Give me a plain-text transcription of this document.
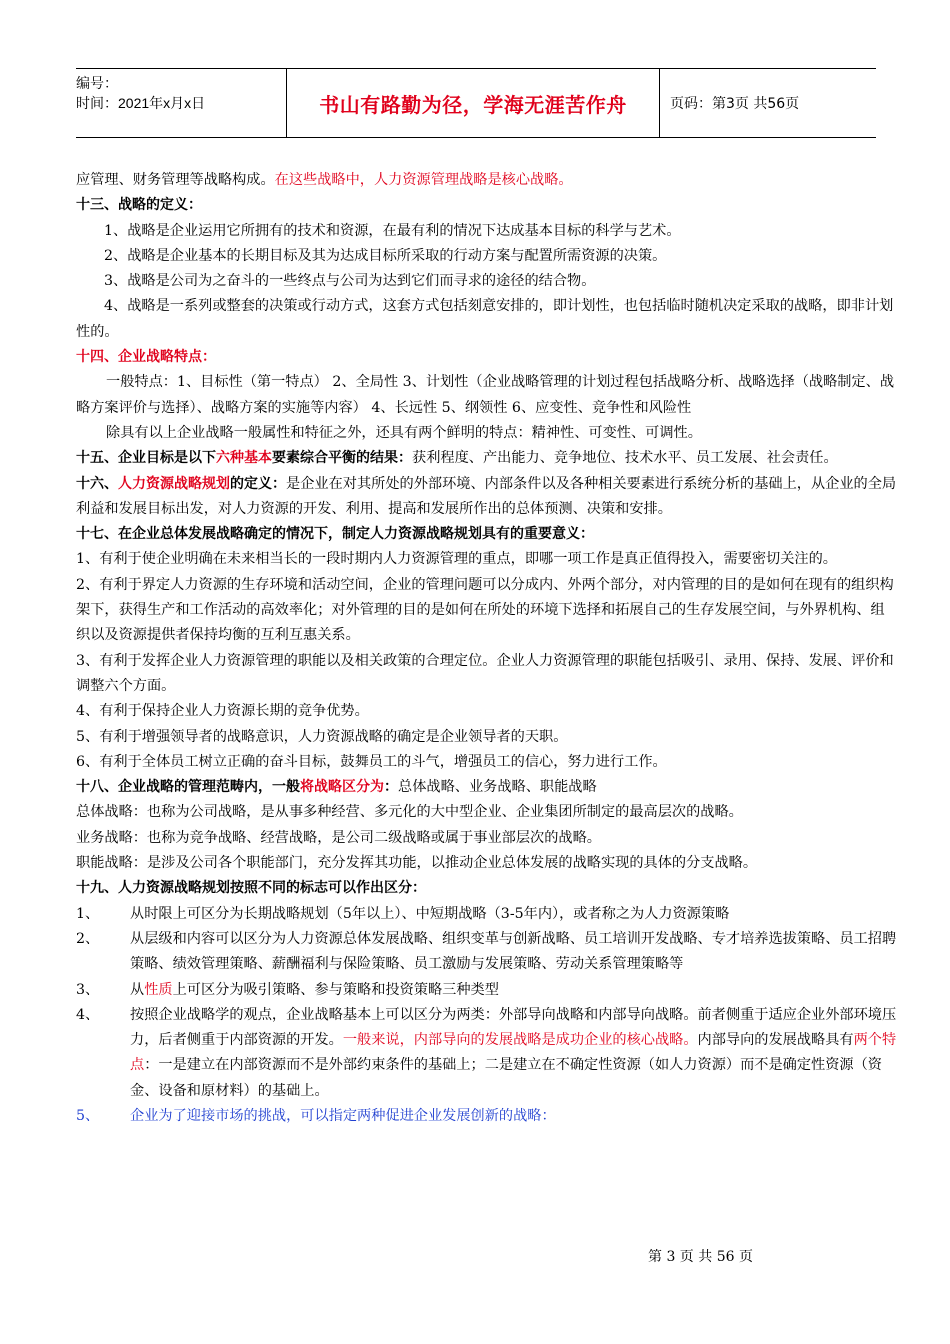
编号：
时间：2021年x月x日	书山有路勤为径，学海无涯苦作舟	页码：第3页 共56页

应管理、财务管理等战略构成。在这些战略中，人力资源管理战略是核心战略。

十三、战略的定义：

1、战略是企业运用它所拥有的技术和资源，在最有利的情况下达成基本目标的科学与艺术。

2、战略是企业基本的长期目标及其为达成目标所采取的行动方案与配置所需资源的决策。

3、战略是公司为之奋斗的一些终点与公司为达到它们而寻求的途径的结合物。

4、战略是一系列或整套的决策或行动方式，这套方式包括刻意安排的，即计划性，也包括临时随机决定采取的战略，即非计划性的。

十四、企业战略特点：

一般特点：1、目标性（第一特点） 2、全局性 3、计划性（企业战略管理的计划过程包括战略分析、战略选择（战略制定、战略方案评价与选择）、战略方案的实施等内容） 4、长远性 5、纲领性 6、应变性、竞争性和风险性

除具有以上企业战略一般属性和特征之外，还具有两个鲜明的特点：精神性、可变性、可调性。

十五、企业目标是以下六种基本要素综合平衡的结果：获利程度、产出能力、竞争地位、技术水平、员工发展、社会责任。

十六、人力资源战略规划的定义：是企业在对其所处的外部环境、内部条件以及各种相关要素进行系统分析的基础上，从企业的全局利益和发展目标出发，对人力资源的开发、利用、提高和发展所作出的总体预测、决策和安排。

十七、在企业总体发展战略确定的情况下，制定人力资源战略规划具有的重要意义：

1、有利于使企业明确在未来相当长的一段时期内人力资源管理的重点，即哪一项工作是真正值得投入，需要密切关注的。

2、有利于界定人力资源的生存环境和活动空间，企业的管理问题可以分成内、外两个部分，对内管理的目的是如何在现有的组织构架下，获得生产和工作活动的高效率化；对外管理的目的是如何在所处的环境下选择和拓展自己的生存发展空间，与外界机构、组织以及资源提供者保持均衡的互利互惠关系。

3、有利于发挥企业人力资源管理的职能以及相关政策的合理定位。企业人力资源管理的职能包括吸引、录用、保持、发展、评价和调整六个方面。

4、有利于保持企业人力资源长期的竞争优势。

5、有利于增强领导者的战略意识，人力资源战略的确定是企业领导者的天职。

6、有利于全体员工树立正确的奋斗目标，鼓舞员工的斗气，增强员工的信心，努力进行工作。

十八、企业战略的管理范畴内，一般将战略区分为：总体战略、业务战略、职能战略

总体战略：也称为公司战略，是从事多种经营、多元化的大中型企业、企业集团所制定的最高层次的战略。

业务战略：也称为竞争战略、经营战略，是公司二级战略或属于事业部层次的战略。

职能战略：是涉及公司各个职能部门，充分发挥其功能，以推动企业总体发展的战略实现的具体的分支战略。

十九、人力资源战略规划按照不同的标志可以作出区分：

1、	从时限上可区分为长期战略规划（5年以上）、中短期战略（3-5年内），或者称之为人力资源策略
2、	从层级和内容可以区分为人力资源总体发展战略、组织变革与创新战略、员工培训开发战略、专才培养选拔策略、员工招聘策略、绩效管理策略、薪酬福利与保险策略、员工激励与发展策略、劳动关系管理策略等
3、	从性质上可区分为吸引策略、参与策略和投资策略三种类型
4、	按照企业战略学的观点，企业战略基本上可以区分为两类：外部导向战略和内部导向战略。前者侧重于适应企业外部环境压力，后者侧重于内部资源的开发。一般来说，内部导向的发展战略是成功企业的核心战略。内部导向的发展战略具有两个特点：一是建立在内部资源而不是外部约束条件的基础上；二是建立在不确定性资源（如人力资源）而不是确定性资源（资金、设备和原材料）的基础上。
5、	企业为了迎接市场的挑战，可以指定两种促进企业发展创新的战略：
第 3 页 共 56 页
